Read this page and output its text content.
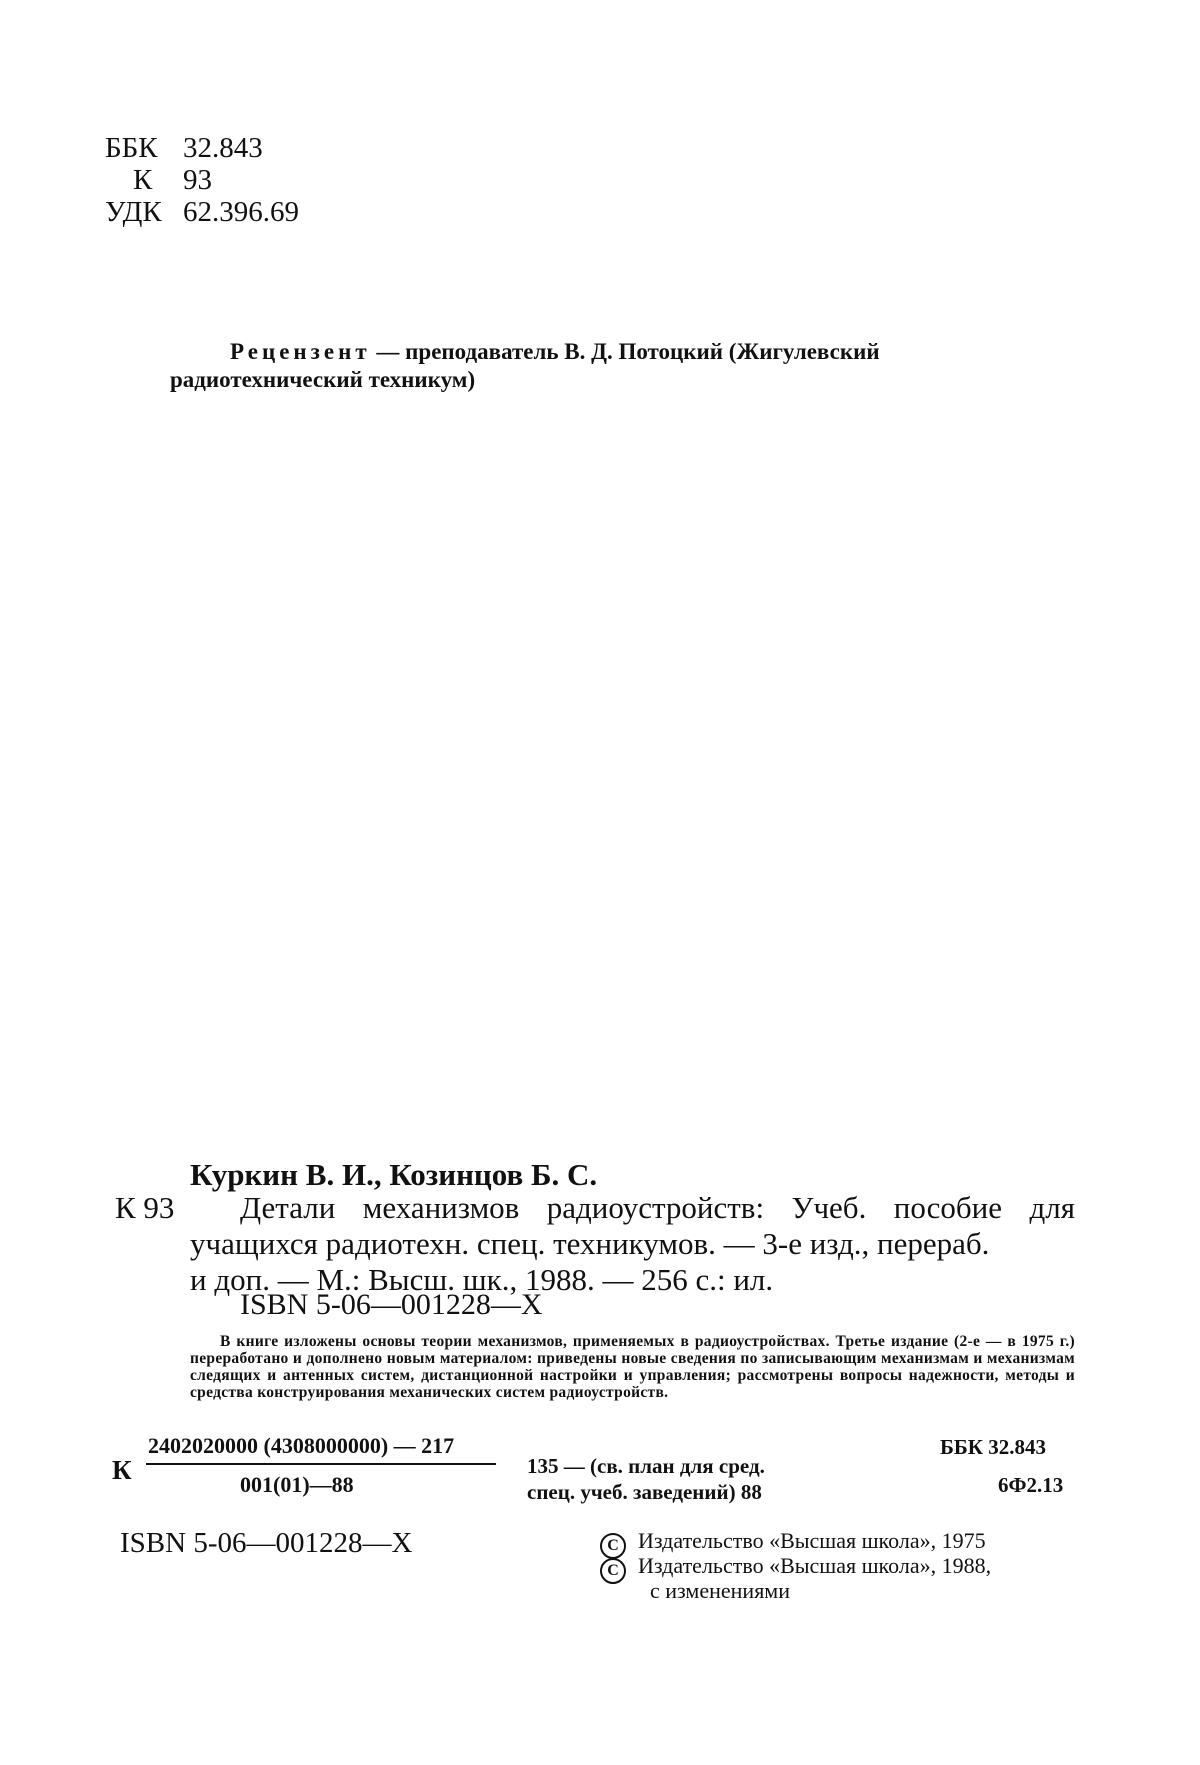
ББК 32.843
К	93
УДК 62.396.69
Рецензент — преподаватель В. Д. Потоцкий (Жигулевский радиотехнический техникум)
Куркин В. И., Козинцов Б. С.
К 93	Детали механизмов радиоустройств: Учеб. пособие для
учащихся радиотехн. спец. техникумов. — 3-е изд., перераб.
и доп. — М.: Высш. шк., 1988. — 256 с.: ил.
ISBN 5-06—001228—X
В книге изложены основы теории механизмов, применяемых в радиоустройствах. Третье издание (2-е — в 1975 г.) переработано и дополнено новым материалом: приведены новые сведения по записывающим механизмам и механизмам следящих и антенных систем, дистанционной настройки и управления; рассмотрены вопросы надежности, методы и средства конструирования механических систем радиоустройств.
К
2402020000 (4308000000) — 217
001(01)—88
135 — (св. план для сред.
спец. учеб. заведений) 88
ББК 32.843
6Ф2.13
ISBN 5-06—001228—X	C Издательство «Высшая школа», 1975
C Издательство «Высшая школа», 1988,
с изменениями
